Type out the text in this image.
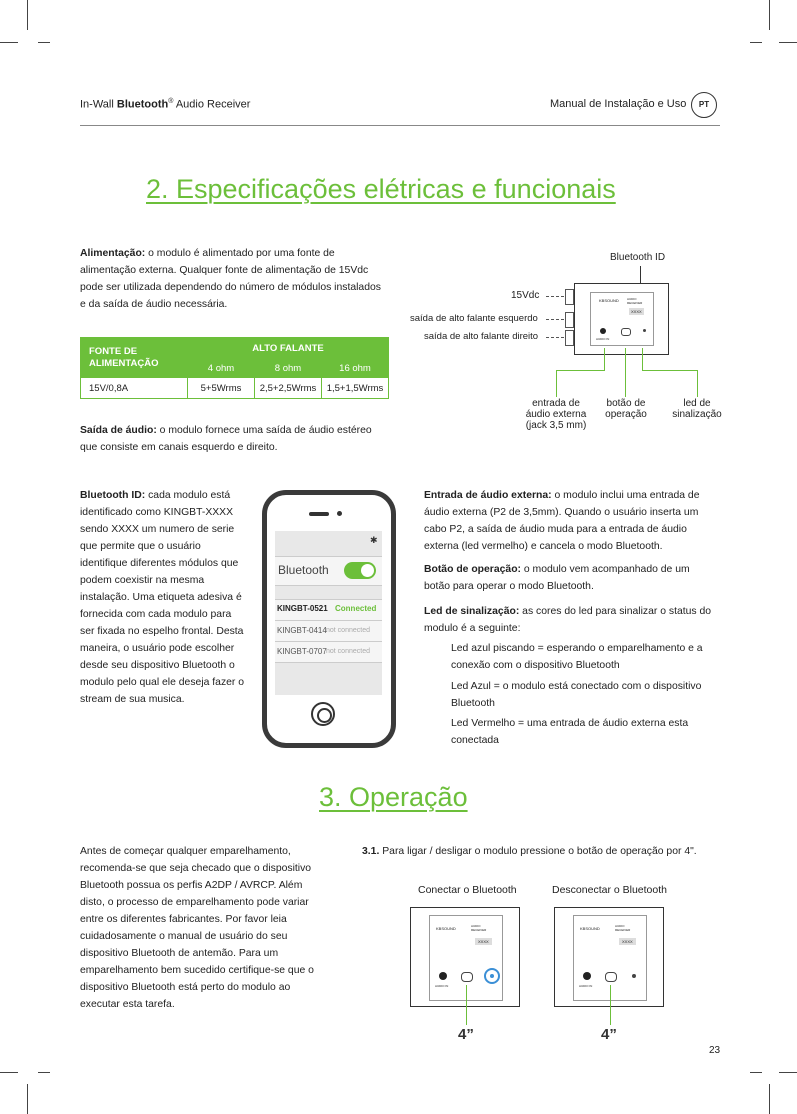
In-Wall Bluetooth® Audio Receiver	Manual de Instalação e Uso	PT
2. Especificações elétricas e funcionais
Alimentação: o modulo é alimentado por uma fonte de alimentação externa. Qualquer fonte de alimentação de 15Vdc pode ser utilizada dependendo do número de módulos instalados e da saída de áudio necessária.
FONTE DE ALIMENTAÇÃO	ALTO FALANTE		
	4 ohm	8 ohm	16 ohm
15V/0,8A	5+5Wrms	2,5+2,5Wrms	1,5+1,5Wrms
Saída de áudio: o modulo fornece uma saída de áudio estéreo que consiste em canais esquerdo e direito.
Bluetooth ID
15Vdc
saída de alto falante esquerdo
saída de alto falante direito
KBSOUND	AUDIO RECEIVER
XXXX
AUDIO IN
entrada de
áudio externa
(jack 3,5 mm)
botão de
operação
led de
sinalização
Bluetooth ID: cada modulo está identificado como KINGBT-XXXX sendo XXXX um numero de serie que permite que o usuário identifique diferentes módulos que podem coexistir na mesma instalação. Uma etiqueta adesiva é fornecida com cada modulo para ser fixada no espelho frontal. Desta maneira, o usuário pode escolher desde seu dispositivo Bluetooth o modulo pelo qual ele deseja fazer o stream de sua musica.
✱
Bluetooth
KINGBT-0521 Connected
KINGBT-0414 not connected
KINGBT-0707 not connected
Entrada de áudio externa: o modulo inclui uma entrada de áudio externa (P2 de 3,5mm). Quando o usuário inserta um cabo P2, a saída de áudio muda para a entrada de áudio externa (led vermelho) e cancela o modo Bluetooth.
Botão de operação: o modulo vem acompanhado de um botão para operar o modo Bluetooth.
Led de sinalização: as cores do led para sinalizar o status do modulo é a seguinte:
Led azul piscando = esperando o emparelhamento e a conexão com o dispositivo Bluetooth
Led Azul = o modulo está conectado com o dispositivo Bluetooth
Led Vermelho = uma entrada de áudio externa esta conectada
3. Operação
Antes de começar qualquer emparelhamento, recomenda-se que seja checado que o dispositivo Bluetooth possua os perfis A2DP / AVRCP. Além disto, o processo de emparelhamento pode variar entre os diferentes fabricantes. Por favor leia cuidadosamente o manual de usuário do seu dispositivo Bluetooth de antemão. Para um emparelhamento bem sucedido certifique-se que o dispositivo Bluetooth está perto do modulo ao executar esta tarefa.
3.1. Para ligar / desligar o modulo pressione o botão de operação por 4".
Conectar o Bluetooth	Desconectar o Bluetooth
KBSOUND	AUDIO RECEIVER
XXXX
AUDIO IN
4”
KBSOUND	AUDIO RECEIVER
XXXX
AUDIO IN
4”
23
